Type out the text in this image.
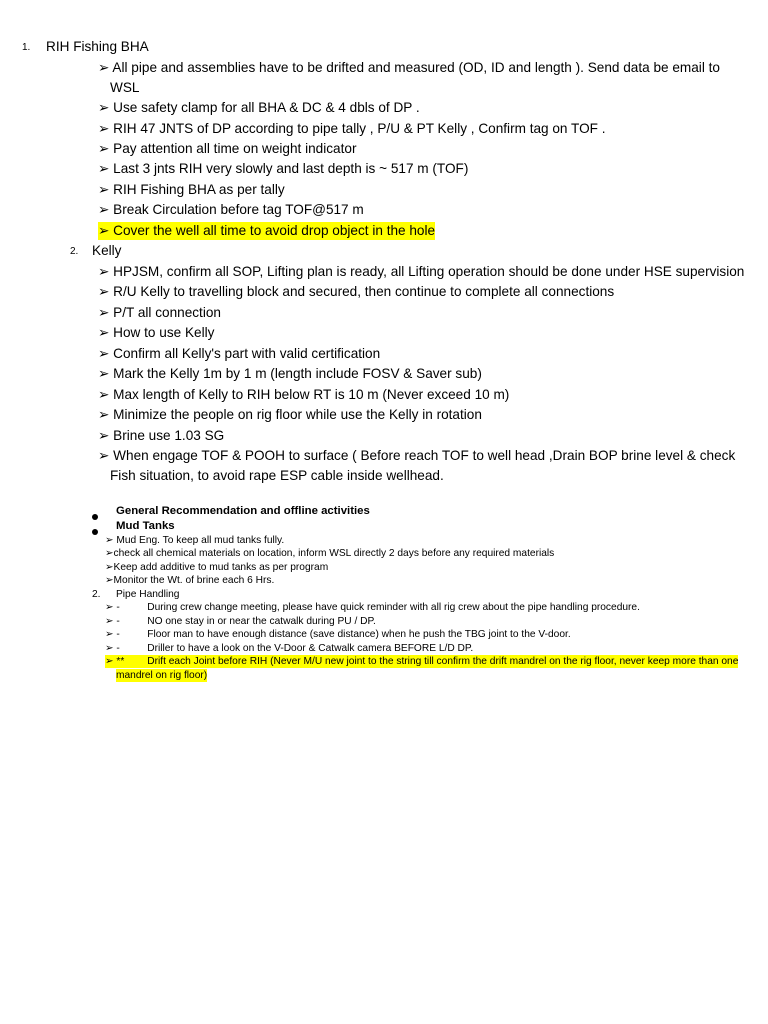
1. RIH Fishing BHA
➢ All pipe and assemblies have to be drifted and measured (OD, ID and length ). Send data be email to
WSL
➢ Use safety clamp for all BHA & DC & 4 dbls of DP .
➢ RIH 47 JNTS of DP according to pipe tally , P/U & PT Kelly , Confirm tag on TOF .
➢ Pay attention all time on weight indicator
➢ Last 3 jnts RIH very slowly and last depth is ~ 517 m (TOF)
➢ RIH Fishing BHA as per tally
➢ Break Circulation before tag TOF@517 m
➢ Cover the well all time to avoid drop object in the hole
2. Kelly
➢ HPJSM, confirm all SOP, Lifting plan is ready, all Lifting operation should be done under HSE supervision
➢ R/U Kelly to travelling block and secured, then continue to complete all connections
➢ P/T all connection
➢ How to use Kelly
➢ Confirm all Kelly's part with valid certification
➢ Mark the Kelly 1m by 1 m (length include FOSV & Saver sub)
➢ Max length of Kelly to RIH below RT is 10 m (Never exceed 10 m)
➢ Minimize the people on rig floor while use the Kelly in rotation
➢ Brine use 1.03 SG
➢ When engage TOF & POOH to surface ( Before reach TOF to well head ,Drain BOP brine level & check
Fish situation, to avoid rape ESP cable inside wellhead.
General Recommendation and offline activities
Mud Tanks
➢ Mud Eng. To keep all mud tanks fully.
➢check all chemical materials on location, inform WSL directly 2 days before any required materials
➢Keep add additive to mud tanks as per program
➢Monitor the Wt. of brine each 6 Hrs.
2. Pipe Handling
➢ -	During crew change meeting, please have quick reminder with all rig crew about the pipe handling procedure.
➢ -	NO one stay in or near the catwalk during PU / DP.
➢ -	Floor man to have enough distance (save distance) when he push the TBG joint to the V-door.
➢ -	Driller to have a look on the V-Door & Catwalk camera BEFORE L/D DP.
➢ ** Drift each Joint before RIH (Never M/U new joint to the string till confirm the drift mandrel on the rig floor, never keep more than one
mandrel on rig floor)
